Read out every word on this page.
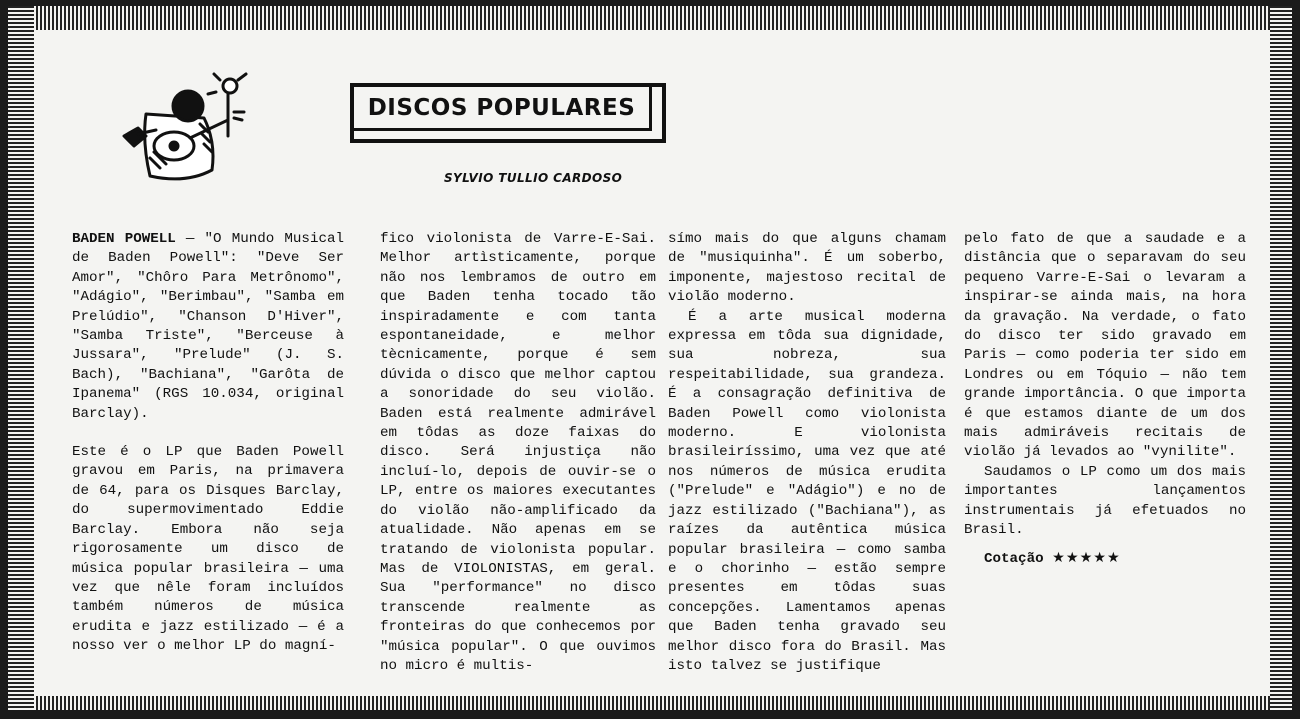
DISCOS POPULARES
SYLVIO TULLIO CARDOSO

BADEN POWELL — "O Mundo Musical de Baden Powell": "Deve Ser Amor", "Chôro Para Metrônomo", "Adágio", "Berimbau", "Samba em Prelúdio", "Chanson D'Hiver", "Samba Triste", "Berceuse à Jussara", "Prelude" (J. S. Bach), "Bachiana", "Garôta de Ipanema" (RGS 10.034, original Barclay).

Este é o LP que Baden Powell gravou em Paris, na primavera de 64, para os Disques Barclay, do supermovimentado Eddie Barclay. Embora não seja rigorosamente um disco de música popular brasileira — uma vez que nêle foram incluídos também números de música erudita e jazz estilizado — é a nosso ver o melhor LP do magní-

fico violonista de Varre-E-Sai. Melhor artìsticamente, porque não nos lembramos de outro em que Baden tenha tocado tão inspiradamente e com tanta espontaneidade, e melhor tècnicamente, porque é sem dúvida o disco que melhor captou a sonoridade do seu violão. Baden está realmente admirável em tôdas as doze faixas do disco. Será injustiça não incluí-lo, depois de ouvir-se o LP, entre os maiores executantes do violão não-amplificado da atualidade. Não apenas em se tratando de violonista popular. Mas de VIOLONISTAS, em geral. Sua "performance" no disco transcende realmente as fronteiras do que conhecemos por "música popular". O que ouvimos no micro é multis-

símo mais do que alguns chamam de "musiquinha". É um soberbo, imponente, majestoso recital de violão moderno.

É a arte musical moderna expressa em tôda sua dignidade, sua nobreza, sua respeitabilidade, sua grandeza. É a consagração definitiva de Baden Powell como violonista moderno. E violonista brasileiríssimo, uma vez que até nos números de música erudita ("Prelude" e "Adágio") e no de jazz estilizado ("Bachiana"), as raízes da autêntica música popular brasileira — como samba e o chorinho — estão sempre presentes em tôdas suas concepções. Lamentamos apenas que Baden tenha gravado seu melhor disco fora do Brasil. Mas isto talvez se justifique

pelo fato de que a saudade e a distância que o separavam do seu pequeno Varre-E-Sai o levaram a inspirar-se ainda mais, na hora da gravação. Na verdade, o fato do disco ter sido gravado em Paris — como poderia ter sido em Londres ou em Tóquio — não tem grande importância. O que importa é que estamos diante de um dos mais admiráveis recitais de violão já levados ao "vynilite".

Saudamos o LP como um dos mais importantes lançamentos instrumentais já efetuados no Brasil.

Cotação ★★★★★
